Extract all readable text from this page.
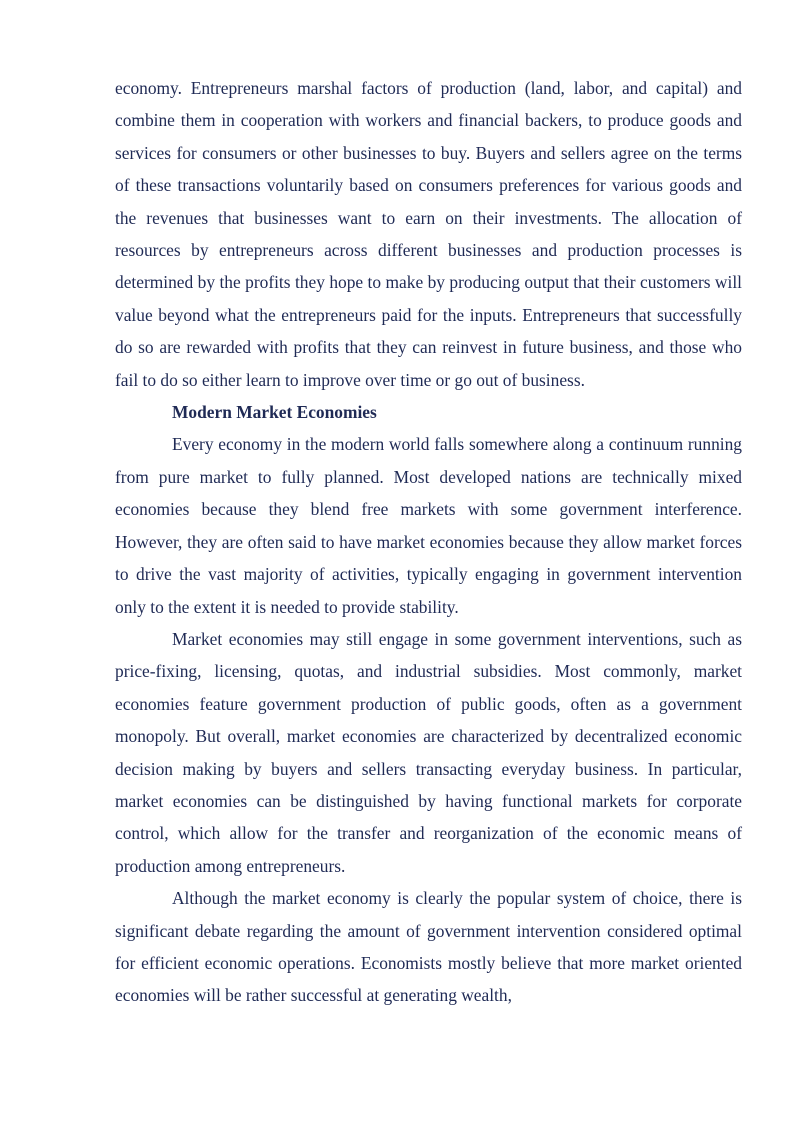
economy. Entrepreneurs marshal factors of production (land, labor, and capital) and combine them in cooperation with workers and financial backers, to produce goods and services for consumers or other businesses to buy. Buyers and sellers agree on the terms of these transactions voluntarily based on consumers preferences for various goods and the revenues that businesses want to earn on their investments. The allocation of resources by entrepreneurs across different businesses and production processes is determined by the profits they hope to make by producing output that their customers will value beyond what the entrepreneurs paid for the inputs. Entrepreneurs that successfully do so are rewarded with profits that they can reinvest in future business, and those who fail to do so either learn to improve over time or go out of business.

Modern Market Economies

Every economy in the modern world falls somewhere along a continuum running from pure market to fully planned. Most developed nations are technically mixed economies because they blend free markets with some government interference. However, they are often said to have market economies because they allow market forces to drive the vast majority of activities, typically engaging in government intervention only to the extent it is needed to provide stability.

Market economies may still engage in some government interventions, such as price-fixing, licensing, quotas, and industrial subsidies. Most commonly, market economies feature government production of public goods, often as a government monopoly. But overall, market economies are characterized by decentralized economic decision making by buyers and sellers transacting everyday business. In particular, market economies can be distinguished by having functional markets for corporate control, which allow for the transfer and reorganization of the economic means of production among entrepreneurs.

Although the market economy is clearly the popular system of choice, there is significant debate regarding the amount of government intervention considered optimal for efficient economic operations. Economists mostly believe that more market oriented economies will be rather successful at generating wealth,
